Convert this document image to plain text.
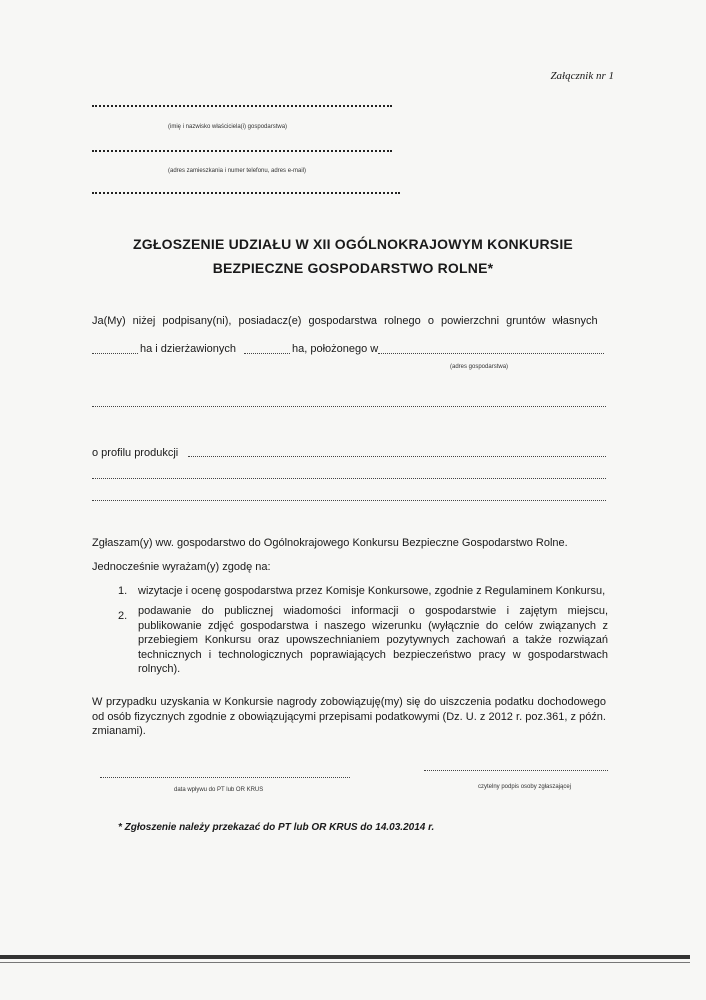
Załącznik nr 1
(imię i nazwisko właściciela(i) gospodarstwa)
(adres zamieszkania i numer telefonu, adres e-mail)
ZGŁOSZENIE UDZIAŁU W XII OGÓLNOKRAJOWYM KONKURSIE
BEZPIECZNE GOSPODARSTWO ROLNE*
Ja(My) niżej podpisany(ni), posiadacz(e) gospodarstwa rolnego o powierzchni gruntów własnych
ha i dzierżawionych	ha, położonego w
(adres gospodarstwa)
o profilu produkcji
Zgłaszam(y) ww. gospodarstwo do Ogólnokrajowego Konkursu Bezpieczne Gospodarstwo Rolne.
Jednocześnie wyrażam(y) zgodę na:
1. wizytacje i ocenę gospodarstwa przez Komisje Konkursowe, zgodnie z Regulaminem Konkursu,
2. podawanie do publicznej wiadomości informacji o gospodarstwie i zajętym miejscu, publikowanie zdjęć gospodarstwa i naszego wizerunku (wyłącznie do celów związanych z przebiegiem Konkursu oraz upowszechnianiem pozytywnych zachowań a także rozwiązań technicznych i technologicznych poprawiających bezpieczeństwo pracy w gospodarstwach rolnych).
W przypadku uzyskania w Konkursie nagrody zobowiązuję(my) się do uiszczenia podatku dochodowego od osób fizycznych zgodnie z obowiązującymi przepisami podatkowymi (Dz. U. z 2012 r. poz.361, z późn. zmianami).
data wpływu do PT lub OR KRUS	czytelny podpis osoby zgłaszającej
* Zgłoszenie należy przekazać do PT lub OR KRUS do 14.03.2014 r.
